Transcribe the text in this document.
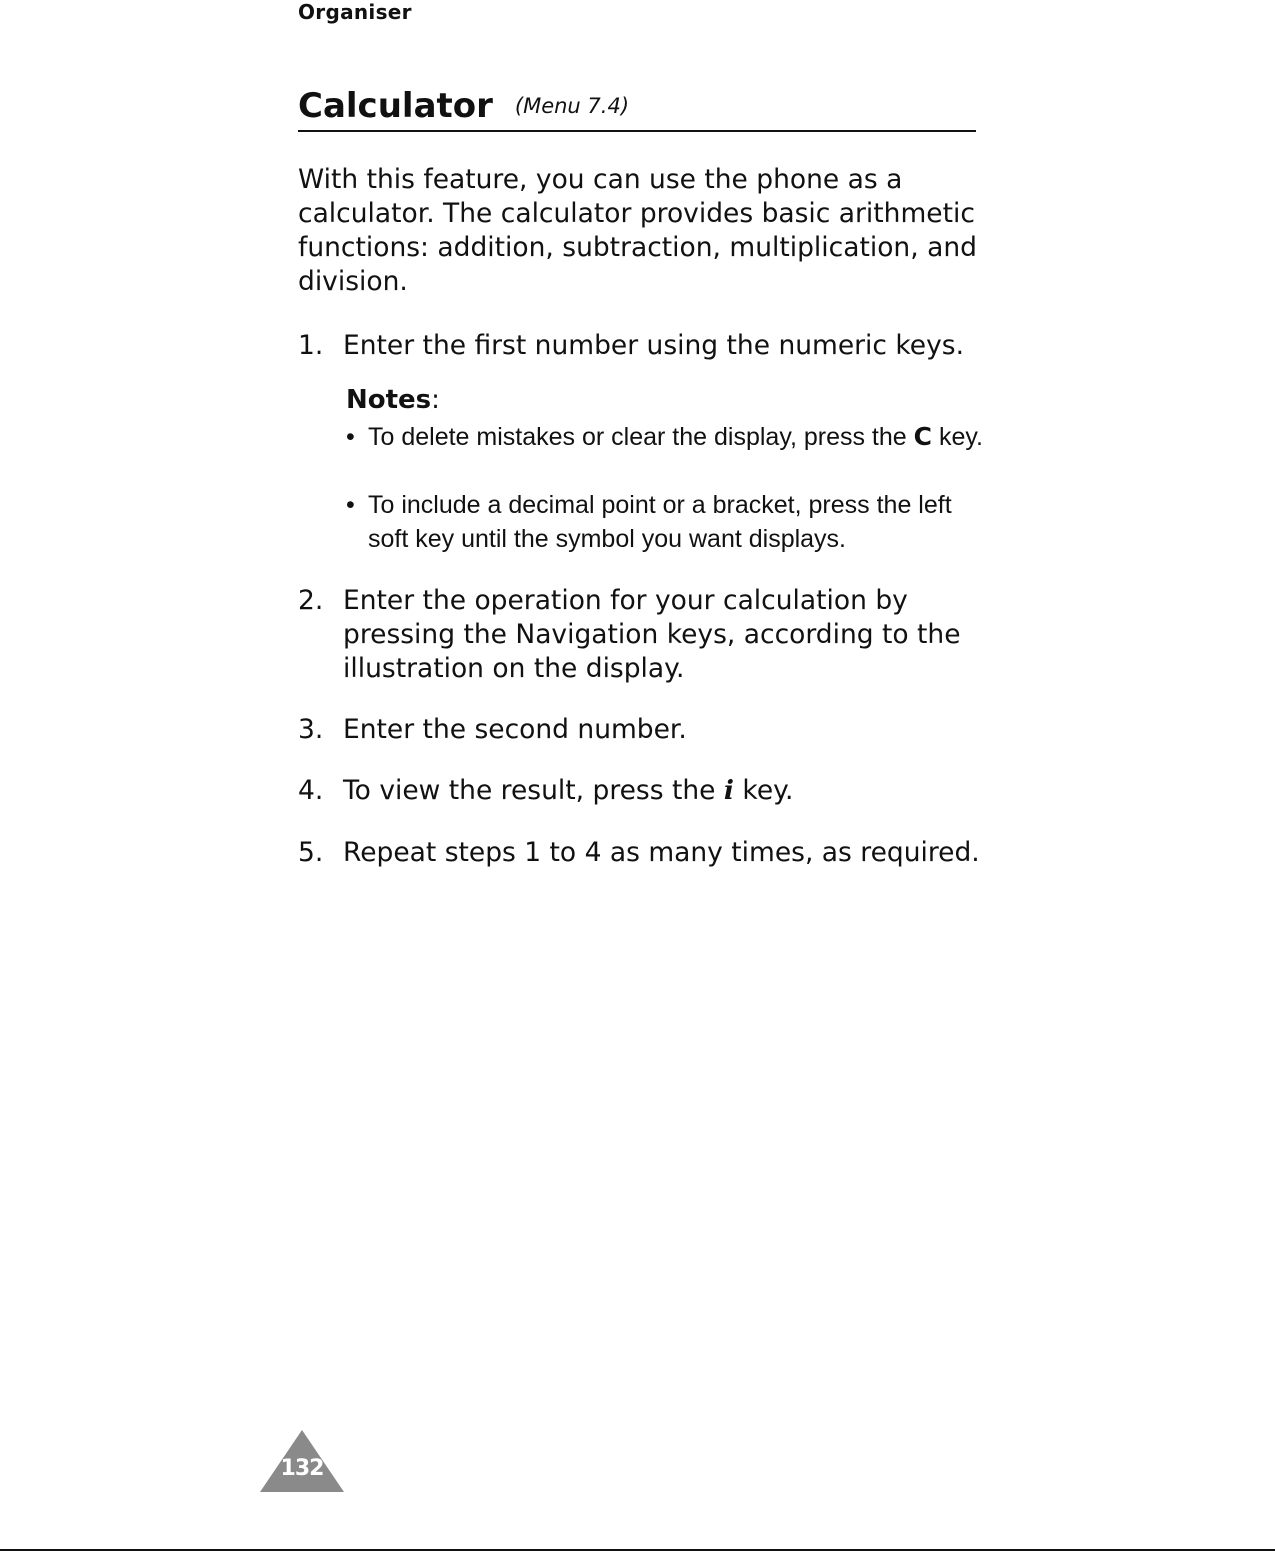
Organiser
Calculator (Menu 7.4)
With this feature, you can use the phone as a calculator. The calculator provides basic arithmetic functions: addition, subtraction, multiplication, and division.
1. Enter the first number using the numeric keys.
Notes:
• To delete mistakes or clear the display, press the C key.
• To include a decimal point or a bracket, press the left soft key until the symbol you want displays.
2. Enter the operation for your calculation by pressing the Navigation keys, according to the illustration on the display.
3. Enter the second number.
4. To view the result, press the i key.
5. Repeat steps 1 to 4 as many times, as required.
132
